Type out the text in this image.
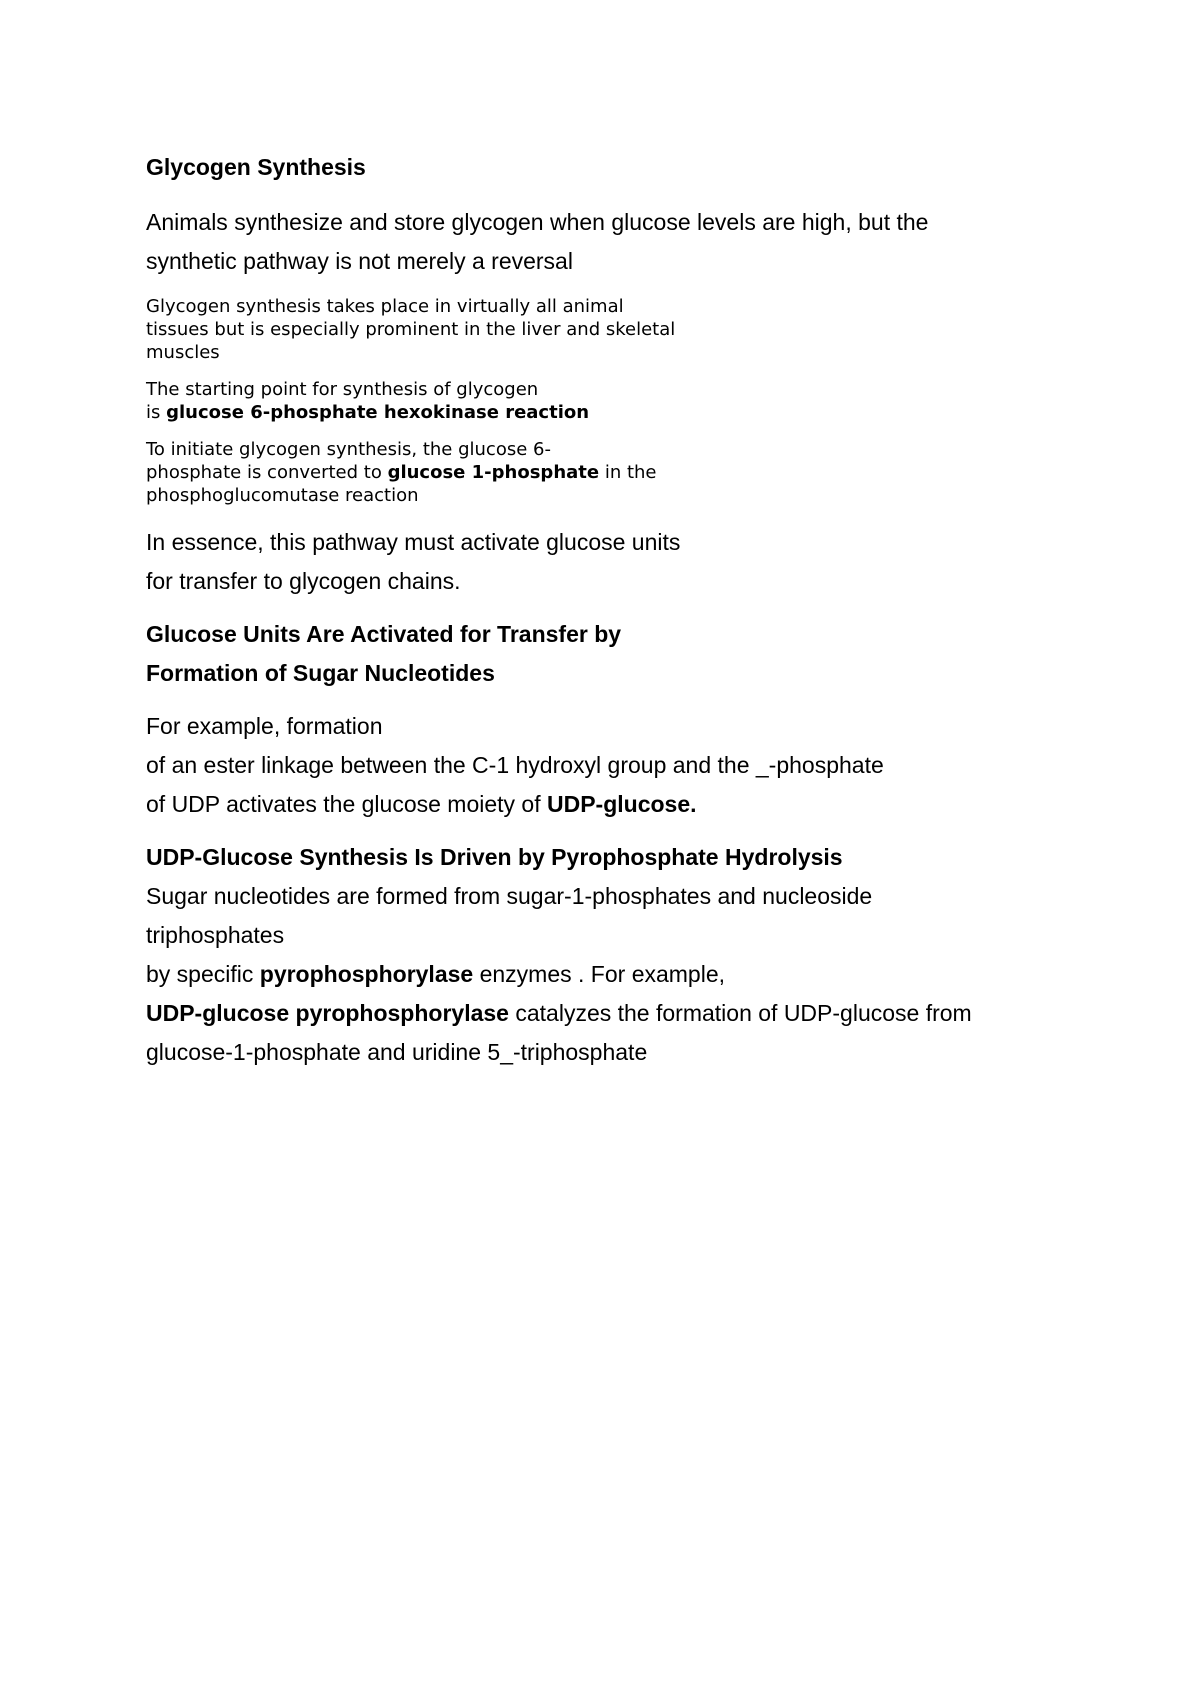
Glycogen Synthesis

Animals synthesize and store glycogen when glucose levels are high, but the
synthetic pathway is not merely a reversal

Glycogen synthesis takes place in virtually all animal
tissues but is especially prominent in the liver and skeletal
muscles

The starting point for synthesis of glycogen
is glucose 6-phosphate hexokinase reaction

To initiate glycogen synthesis, the glucose 6-
phosphate is converted to glucose 1-phosphate in the
phosphoglucomutase reaction

In essence, this pathway must activate glucose units
for transfer to glycogen chains.

Glucose Units Are Activated for Transfer by
Formation of Sugar Nucleotides

For example, formation
of an ester linkage between the C-1 hydroxyl group and the _-phosphate
of UDP activates the glucose moiety of UDP-glucose.

UDP-Glucose Synthesis Is Driven by Pyrophosphate Hydrolysis
Sugar nucleotides are formed from sugar-1-phosphates and nucleoside
triphosphates
by specific pyrophosphorylase enzymes . For example,
UDP-glucose pyrophosphorylase catalyzes the formation of UDP-glucose from
glucose-1-phosphate and uridine 5_-triphosphate
